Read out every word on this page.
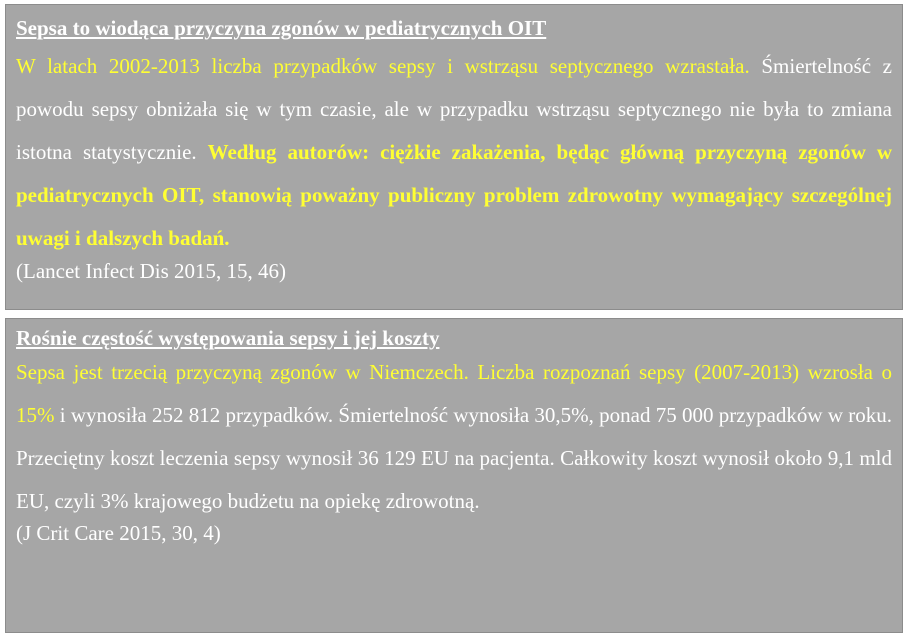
Sepsa to wiodąca przyczyna zgonów w pediatrycznych OIT

W latach 2002-2013 liczba przypadków sepsy i wstrząsu septycznego wzrastała. Śmiertelność z powodu sepsy obniżała się w tym czasie, ale w przypadku wstrząsu septycznego nie była to zmiana istotna statystycznie. Według autorów: ciężkie zakażenia, będąc główną przyczyną zgonów w pediatrycznych OIT, stanowią poważny publiczny problem zdrowotny wymagający szczególnej uwagi i dalszych badań.

(Lancet Infect Dis 2015, 15, 46)
Rośnie częstość występowania sepsy i jej koszty

Sepsa jest trzecią przyczyną zgonów w Niemczech. Liczba rozpoznań sepsy (2007-2013) wzrosła o 15% i wynosiła 252 812 przypadków. Śmiertelność wynosiła 30,5%, ponad 75 000 przypadków w roku. Przeciętny koszt leczenia sepsy wynosił 36 129 EU na pacjenta. Całkowity koszt wynosił około 9,1 mld EU, czyli 3% krajowego budżetu na opiekę zdrowotną.

(J Crit Care 2015, 30, 4)
